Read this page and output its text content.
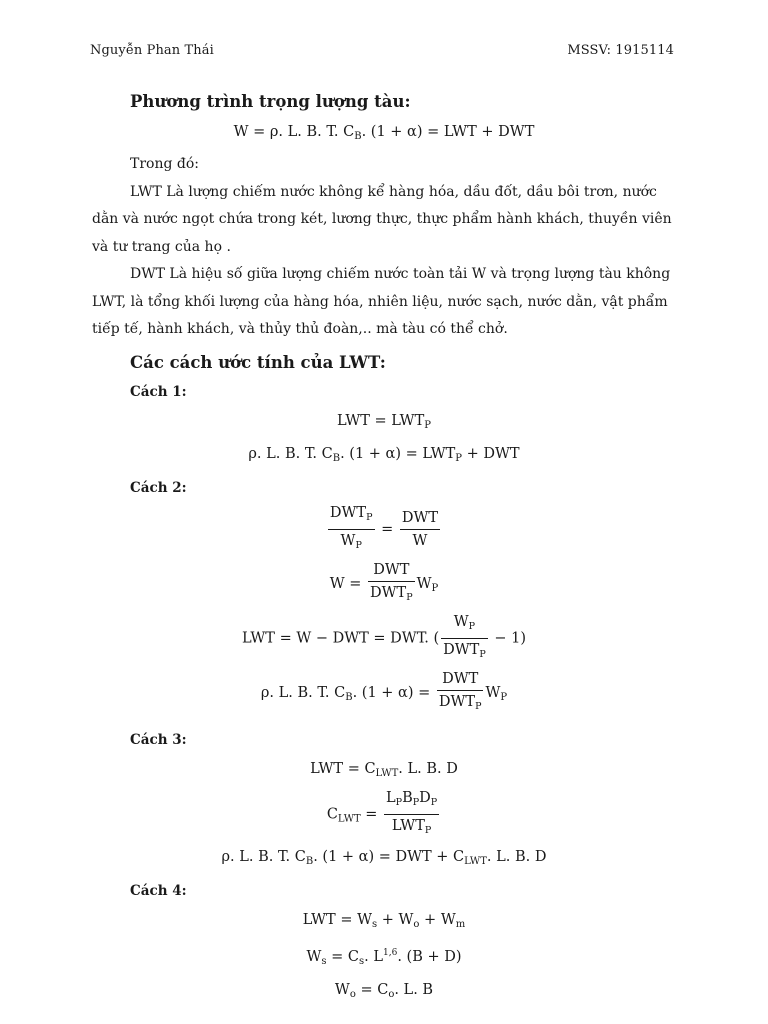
Nguyễn Phan Thái	MSSV: 1915114
Phương trình trọng lượng tàu:
W = ρ. L. B. T. $C_B$. (1 + α) = LWT + DWT
Trong đó:
LWT Là lượng chiếm nước không kể hàng hóa, dầu đốt, dầu bôi trơn, nước dằn và nước ngọt chứa trong két, lương thực, thực phẩm hành khách, thuyền viên và tư trang của họ .
DWT Là hiệu số giữa lượng chiếm nước toàn tải W và trọng lượng tàu không LWT, là tổng khối lượng của hàng hóa, nhiên liệu, nước sạch, nước dằn, vật phẩm tiếp tế, hành khách, và thủy thủ đoàn,.. mà tàu có thể chở.
Các cách ước tính của LWT:
Cách 1:
LWT = $LWT_P$
ρ. L. B. T. $C_B$. $(1 + \alpha) = LWT_P$ + DWT
Cách 2:
$\frac{DWT_P}{W_P} = \frac{\text{DWT}}{W}$
$W = \frac{\text{DWT}}{DWT_P} W_P$
LWT = W − DWT = DWT. ( $\frac{W_P}{DWT_P} - 1$)
ρ. L. B. T. $C_B$. $(1 + \alpha) = \frac{\text{DWT}}{DWT_P} W_P$
Cách 3:
LWT = $C_{LWT}$. L. B. D
$C_{LWT} = \frac{L_PB_PD_P}{LWT_P}$
ρ. L. B. T. $C_B$. (1 + α) = DWT + $C_{LWT}$. L. B. D
Cách 4:
LWT = $W_s + W_o + W_m$
$W_s = C_s$. L$^{1,6}$. (B + D)
$W_o = C_o$. L. B
